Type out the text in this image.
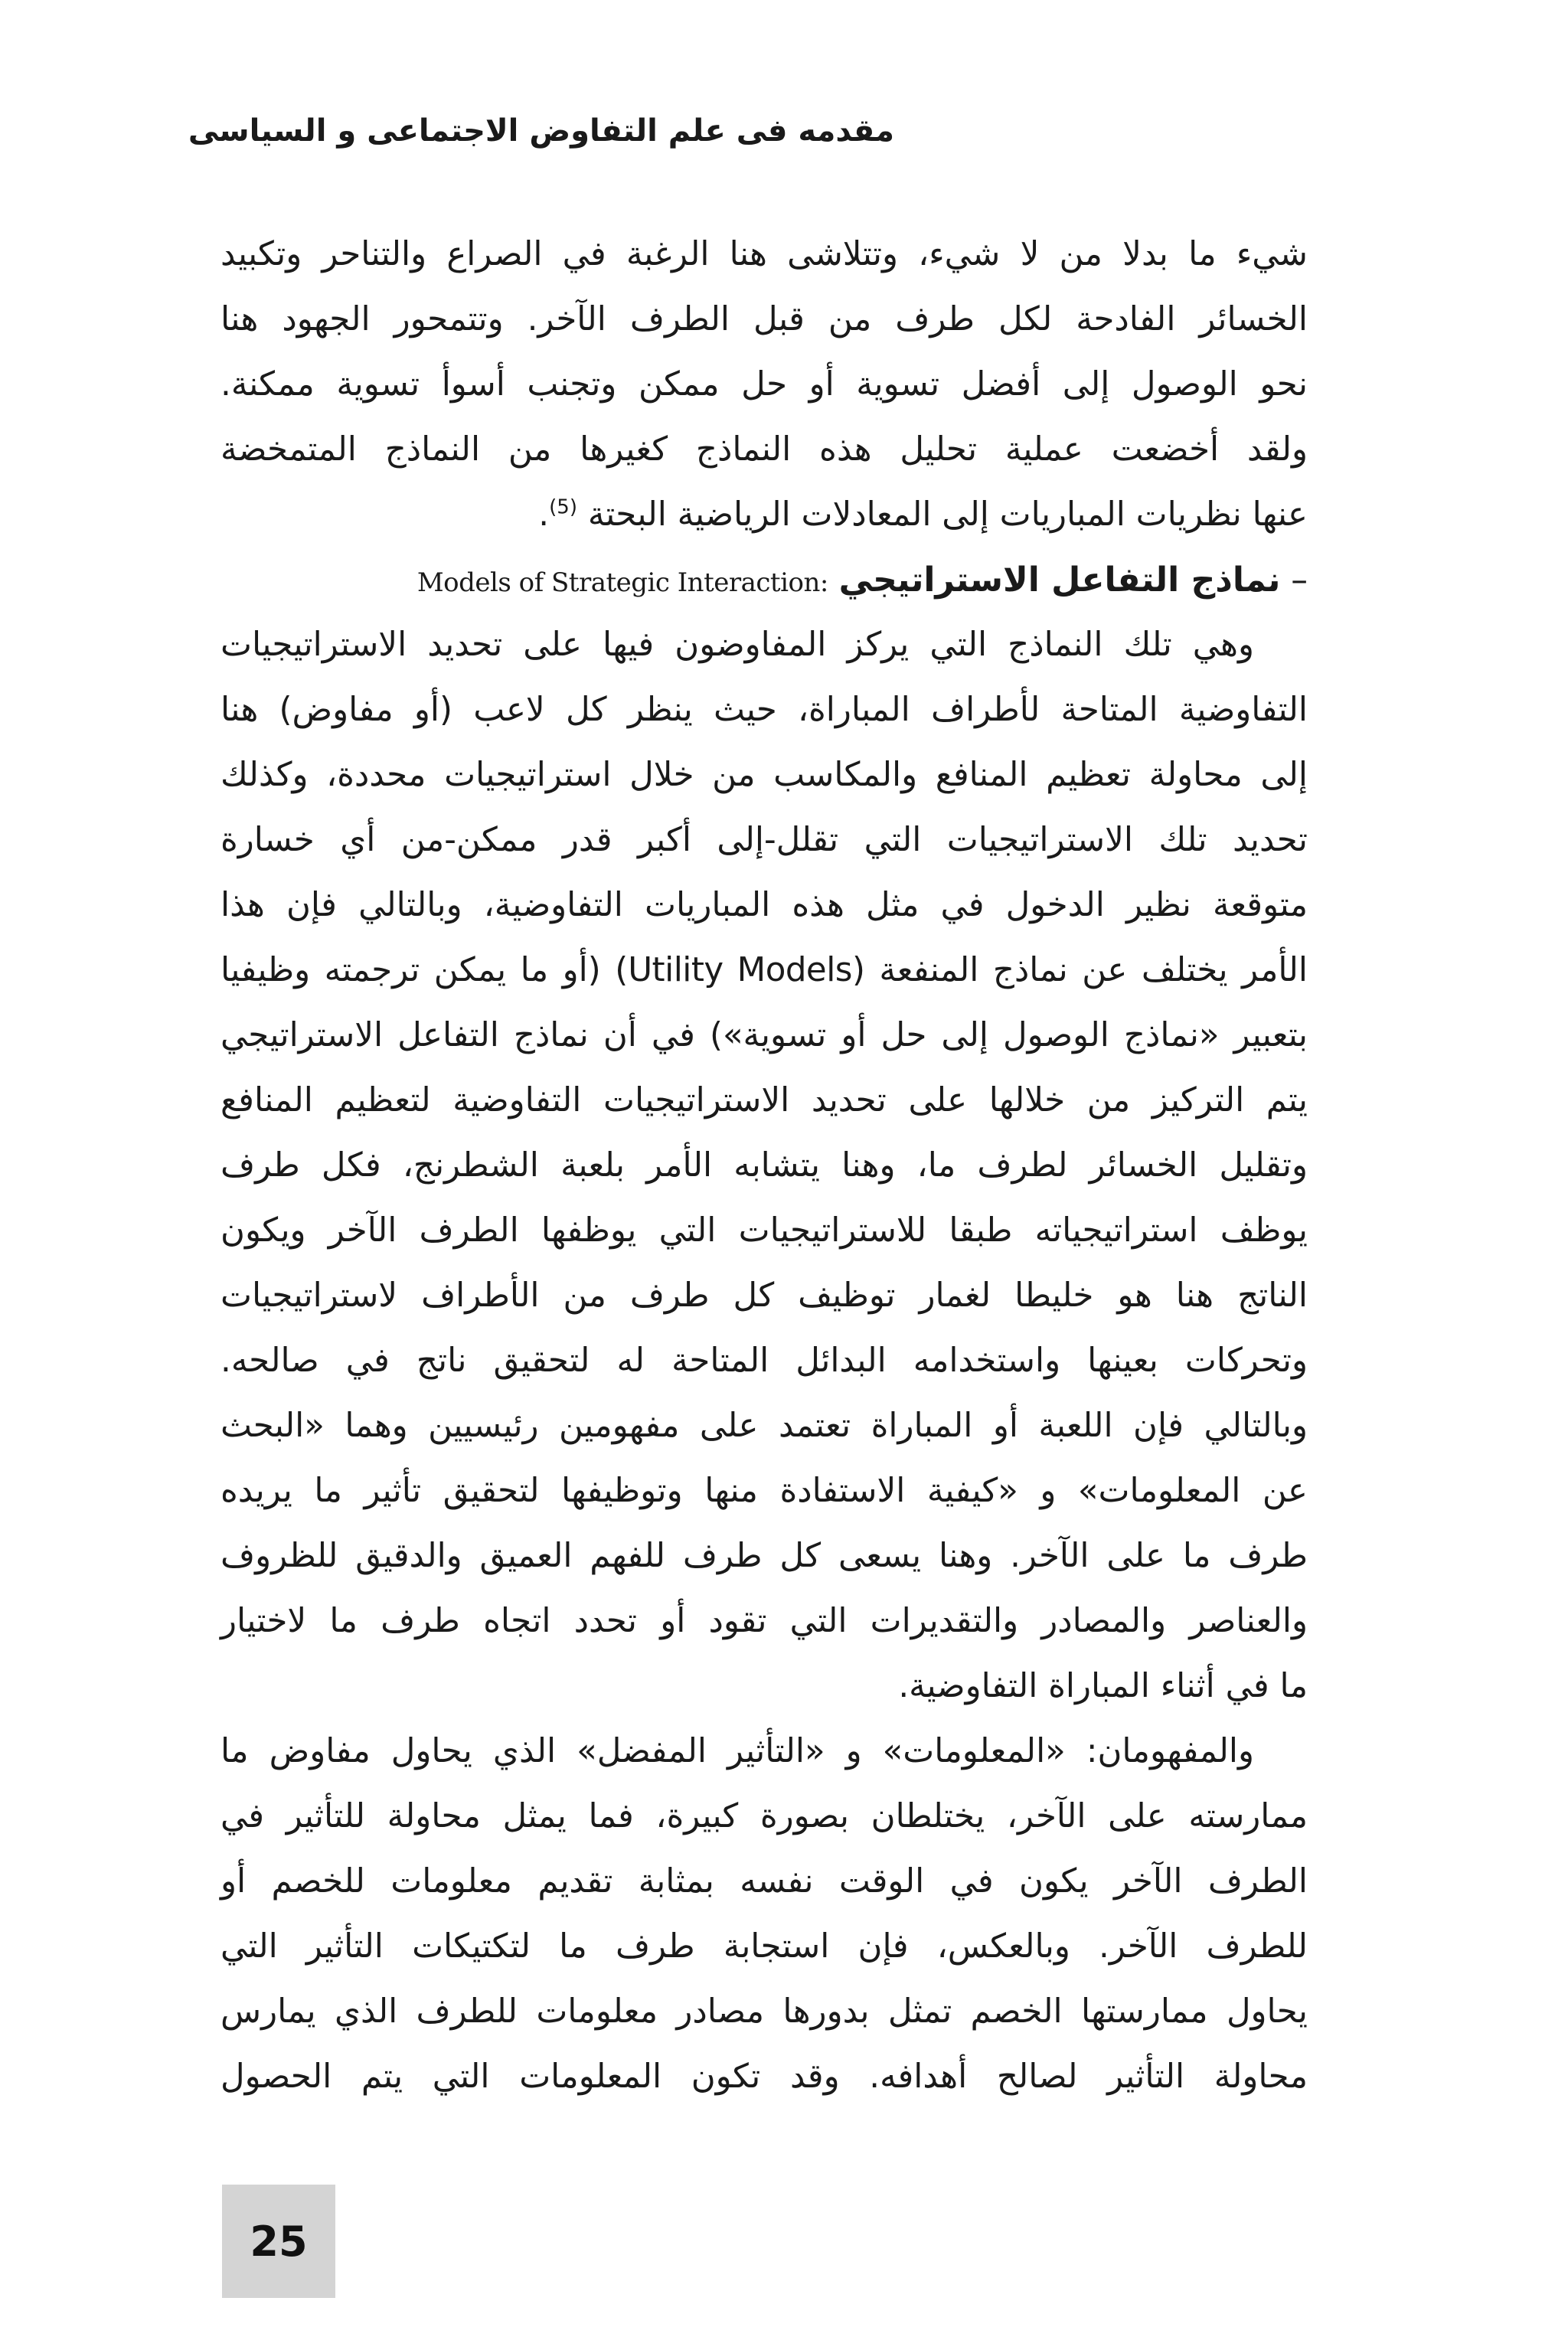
مقدمه فى علم التفاوض الاجتماعى و السياسى
شيء ما بدلا من لا شيء، وتتلاشى هنا الرغبة في الصراع والتناحر وتكبيد
الخسائر الفادحة لكل طرف من قبل الطرف الآخر. وتتمحور الجهود هنا
نحو الوصول إلى أفضل تسوية أو حل ممكن وتجنب أسوأ تسوية ممكنة.
ولقد أخضعت عملية تحليل هذه النماذج كغيرها من النماذج المتمخضة
عنها نظريات المباريات إلى المعادلات الرياضية البحتة $^{(5)}$.
– نماذج التفاعل الاستراتيجي Models of Strategic Interaction:
وهي تلك النماذج التي يركز المفاوضون فيها على تحديد الاستراتيجيات
التفاوضية المتاحة لأطراف المباراة، حيث ينظر كل لاعب (أو مفاوض) هنا
إلى محاولة تعظيم المنافع والمكاسب من خلال استراتيجيات محددة، وكذلك
تحديد تلك الاستراتيجيات التي تقلل-إلى أكبر قدر ممكن-من أي خسارة
متوقعة نظير الدخول في مثل هذه المباريات التفاوضية، وبالتالي فإن هذا
الأمر يختلف عن نماذج المنفعة (Utility Models) (أو ما يمكن ترجمته وظيفيا
بتعبير «نماذج الوصول إلى حل أو تسوية») في أن نماذج التفاعل الاستراتيجي
يتم التركيز من خلالها على تحديد الاستراتيجيات التفاوضية لتعظيم المنافع
وتقليل الخسائر لطرف ما، وهنا يتشابه الأمر بلعبة الشطرنج، فكل طرف
يوظف استراتيجياته طبقا للاستراتيجيات التي يوظفها الطرف الآخر ويكون
الناتج هنا هو خليطا لغمار توظيف كل طرف من الأطراف لاستراتيجيات
وتحركات بعينها واستخدامه البدائل المتاحة له لتحقيق ناتج في صالحه.
وبالتالي فإن اللعبة أو المباراة تعتمد على مفهومين رئيسيين وهما «البحث
عن المعلومات» و «كيفية الاستفادة منها وتوظيفها لتحقيق تأثير ما يريده
طرف ما على الآخر. وهنا يسعى كل طرف للفهم العميق والدقيق للظروف
والعناصر والمصادر والتقديرات التي تقود أو تحدد اتجاه طرف ما لاختيار
ما في أثناء المباراة التفاوضية.
والمفهومان: «المعلومات» و «التأثير المفضل» الذي يحاول مفاوض ما
ممارسته على الآخر، يختلطان بصورة كبيرة، فما يمثل محاولة للتأثير في
الطرف الآخر يكون في الوقت نفسه بمثابة تقديم معلومات للخصم أو
للطرف الآخر. وبالعكس، فإن استجابة طرف ما لتكتيكات التأثير التي
يحاول ممارستها الخصم تمثل بدورها مصادر معلومات للطرف الذي يمارس
محاولة التأثير لصالح أهدافه. وقد تكون المعلومات التي يتم الحصول
25
